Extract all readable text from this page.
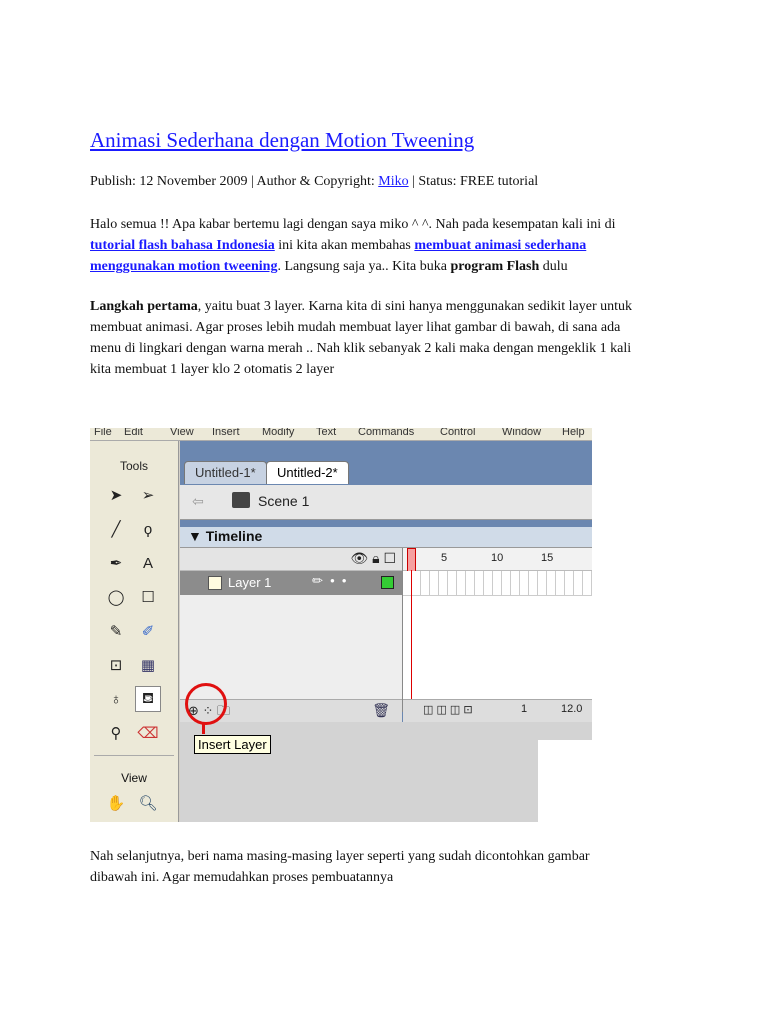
Animasi Sederhana dengan Motion Tweening
Publish: 12 November 2009 | Author & Copyright: Miko | Status: FREE tutorial
Halo semua !! Apa kabar bertemu lagi dengan saya miko ^ ^. Nah pada kesempatan kali ini di
tutorial flash bahasa Indonesia ini kita akan membahas membuat animasi sederhana
menggunakan motion tweening. Langsung saja ya.. Kita buka program Flash dulu
Langkah pertama, yaitu buat 3 layer. Karna kita di sini hanya menggunakan sedikit layer untuk
membuat animasi. Agar proses lebih mudah membuat layer lihat gambar di bawah, di sana ada
menu di lingkari dengan warna merah .. Nah klik sebanyak 2 kali maka dengan mengeklik 1 kali
kita membuat 1 layer klo 2 otomatis 2 layer
Nah selanjutnya, beri nama masing-masing layer seperti yang sudah dicontohkan gambar
dibawah ini. Agar memudahkan proses pembuatannya
File Edit View Insert Modify Text Commands Control Window Help
Tools
➤	➢
╱	ϙ
✒	A
◯	☐
✎	✐
⊡	▦
♁	⛾
⚲	⌫
View
✋ 🔍︎
Untitled-1*	Untitled-2*
⇦	Scene 1
▼ Timeline
👁︎ 🔒︎ ☐
Layer 1	✏  •  •
⊕ ⁘ 🗀	🗑
5	10	15
◫ ◫ ◫ ⊡	1	12.0
Insert Layer
